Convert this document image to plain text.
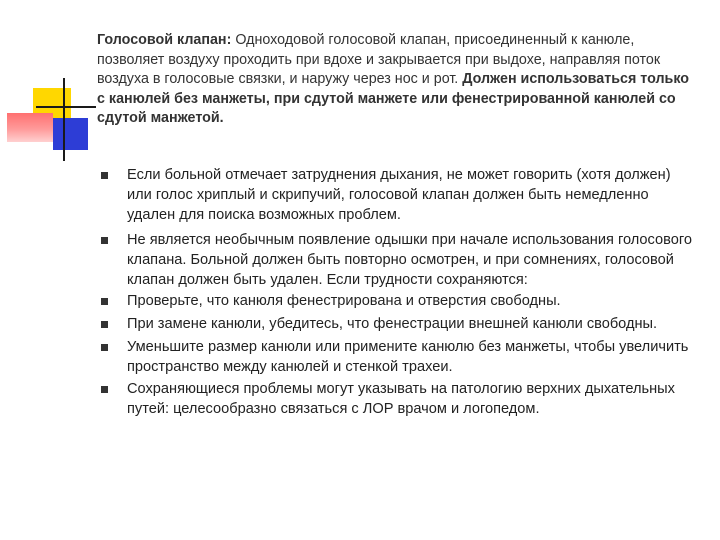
Голосовой клапан: Одноходовой голосовой клапан, присоединенный к канюле, позволяет воздуху проходить при вдохе и закрывается при выдохе, направляя поток воздуха в голосовые связки, и наружу через нос и рот. Должен использоваться только с канюлей без манжеты, при сдутой манжете или фенестрированной канюлей со сдутой манжетой.
Если больной отмечает затруднения дыхания, не может говорить (хотя должен) или голос хриплый и скрипучий, голосовой клапан должен быть немедленно удален для поиска возможных проблем.
Не является необычным появление одышки при начале использования голосового клапана. Больной должен быть повторно осмотрен, и при сомнениях, голосовой клапан должен быть удален. Если трудности сохраняются:
Проверьте, что канюля фенестрирована и отверстия свободны.
При замене канюли, убедитесь, что фенестрации внешней канюли свободны.
Уменьшите размер канюли или примените канюлю без манжеты, чтобы увеличить пространство между канюлей и стенкой трахеи.
Сохраняющиеся проблемы могут указывать на патологию верхних дыхательных путей: целесообразно связаться с ЛОР врачом и логопедом.
